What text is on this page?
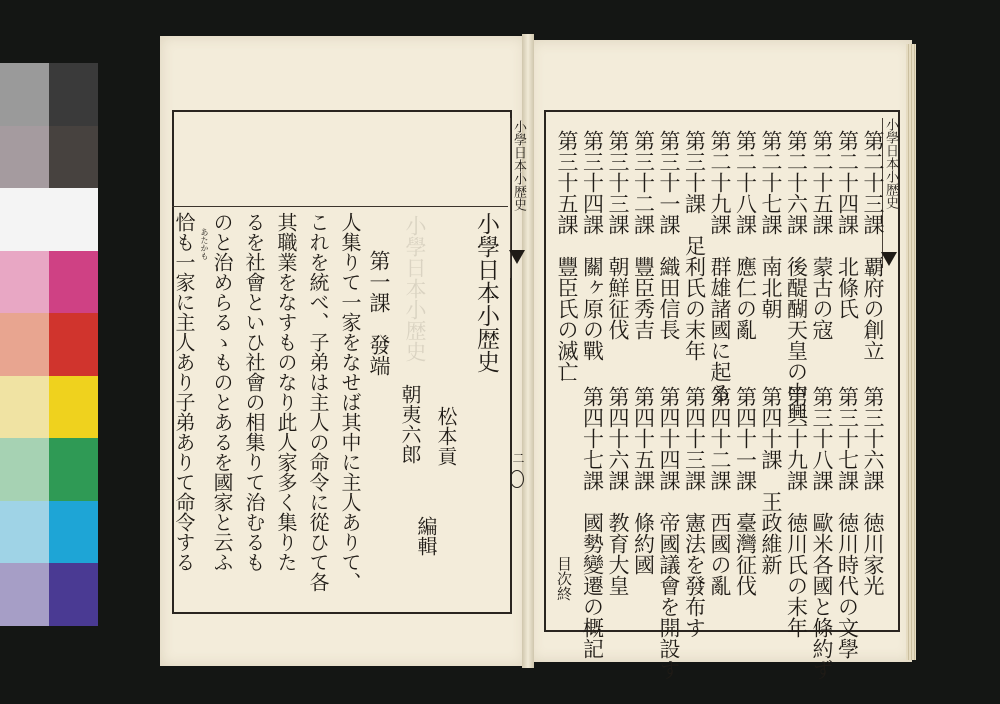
小學日本小歴史
二
小學日本小歴史 小學日本小歴史
松本貢
編輯
朝夷六郎
第一課　發端
人集りて一家をなせば其中に主人ありて、
これを統べ、子弟は主人の命令に從ひて各
其職業をなすものなり此人家多く集りた
るを社會といひ社會の相集りて治むるも
のと治めらるゝものとあるを國家と云ふ
あたかも
恰も一家に主人あり子弟ありて命令する
小學日本小歴史
第二十三課　覇府の創立
第二十四課　北條氏
第二十五課　蒙古の寇
第二十六課　後醍醐天皇の中興
第二十七課　南北朝
第二十八課　應仁の亂
第二十九課　群雄諸國に起る
第三十課　足利氏の末年
第三十一課　織田信長
第三十二課　豐臣秀吉
第三十三課　朝鮮征伐
第三十四課　關ヶ原の戰
第三十五課　豐臣氏の滅亡
第三十六課　徳川家光
第三十七課　徳川時代の文學
第三十八課　歐米各國と條約ず
第三十九課　徳川氏の末年
第四十課　王政維新
第四十一課　臺灣征伐
第四十二課　西國の亂
第四十三課　憲法を發布す
第四十四課　帝國議會を開設す
第四十五課　條約國
第四十六課　教育大皇
第四十七課　國勢變遷の概記
目次終
